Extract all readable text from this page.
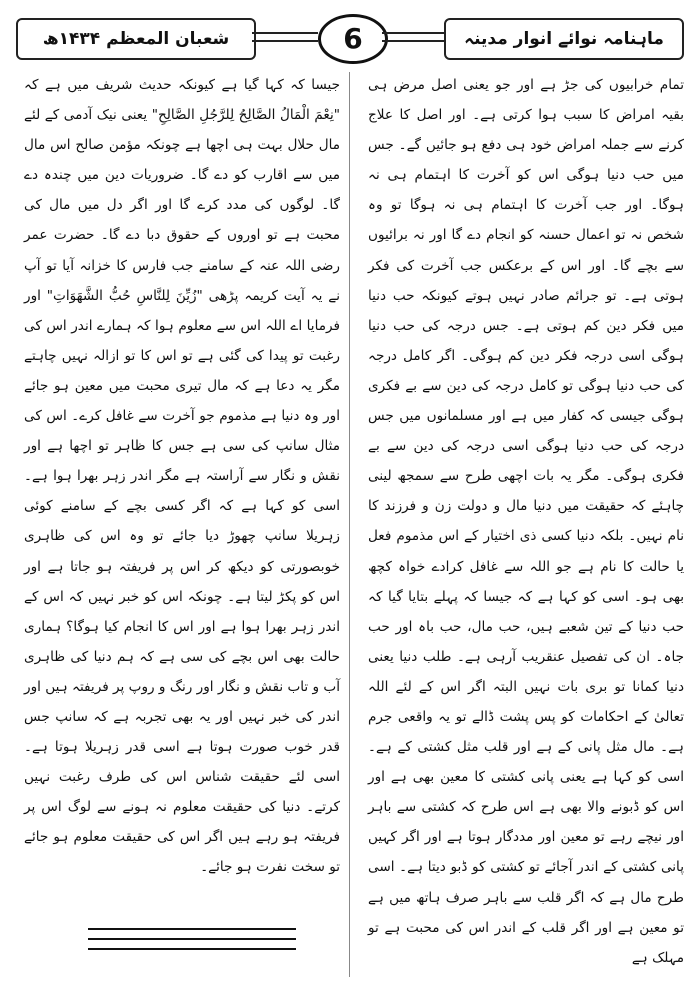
شعبان المعظم ۱۴۳۴ھ	6	ماہنامہ نوائے انوار مدینہ

تمام خرابیوں کی جڑ ہے اور جو یعنی اصل مرض ہی بقیہ امراض کا سبب ہوا کرتی ہے۔ اور اصل کا علاج کرنے سے جملہ امراض خود ہی دفع ہو جائیں گے۔ جس میں حب دنیا ہوگی اس کو آخرت کا اہتمام ہی نہ ہوگا۔ اور جب آخرت کا اہتمام ہی نہ ہوگا تو وہ شخص نہ تو اعمال حسنہ کو انجام دے گا اور نہ برائیوں سے بچے گا۔ اور اس کے برعکس جب آخرت کی فکر ہوتی ہے۔ تو جرائم صادر نہیں ہوتے کیونکہ حب دنیا میں فکر دین کم ہوتی ہے۔ جس درجہ کی حب دنیا ہوگی اسی درجہ فکر دین کم ہوگی۔ اگر کامل درجہ کی حب دنیا ہوگی تو کامل درجہ کی دین سے بے فکری ہوگی جیسی کہ کفار میں ہے اور مسلمانوں میں جس درجہ کی حب دنیا ہوگی اسی درجہ کی دین سے بے فکری ہوگی۔ مگر یہ بات اچھی طرح سے سمجھ لینی چاہئے کہ حقیقت میں دنیا مال و دولت زن و فرزند کا نام نہیں۔ بلکہ دنیا کسی ذی اختیار کے اس مذموم فعل یا حالت کا نام ہے جو اللہ سے غافل کرادے خواہ کچھ بھی ہو۔ اسی کو کہا ہے کہ جیسا کہ پہلے بتایا گیا کہ حب دنیا کے تین شعبے ہیں، حب مال، حب باہ اور حب جاہ۔ ان کی تفصیل عنقریب آرہی ہے۔ طلب دنیا یعنی دنیا کمانا تو بری بات نہیں البتہ اگر اس کے لئے اللہ تعالیٰ کے احکامات کو پس پشت ڈالے تو یہ واقعی جرم ہے۔ مال مثل پانی کے ہے اور قلب مثل کشتی کے ہے۔ اسی کو کہا ہے یعنی پانی کشتی کا معین بھی ہے اور اس کو ڈبونے والا بھی ہے اس طرح کہ کشتی سے باہر اور نیچے رہے تو معین اور مددگار ہوتا ہے اور اگر کہیں پانی کشتی کے اندر آجائے تو کشتی کو ڈبو دیتا ہے۔ اسی طرح مال ہے کہ اگر قلب سے باہر صرف ہاتھ میں ہے تو معین ہے اور اگر قلب کے اندر اس کی محبت ہے تو مہلک ہے

جیسا کہ کہا گیا ہے کیونکہ حدیث شریف میں ہے کہ "نِعْمَ الْمَالُ الصَّالِحُ لِلرَّجُلِ الصَّالِحِ" یعنی نیک آدمی کے لئے مال حلال بہت ہی اچھا ہے چونکہ مؤمن صالح اس مال میں سے اقارب کو دے گا۔ ضروریات دین میں چندہ دے گا۔ لوگوں کی مدد کرے گا اور اگر دل میں مال کی محبت ہے تو اوروں کے حقوق دبا دے گا۔ حضرت عمر رضی اللہ عنہ کے سامنے جب فارس کا خزانہ آیا تو آپ نے یہ آیت کریمہ پڑھی "زُيِّنَ لِلنَّاسِ حُبُّ الشَّهَوَاتِ" اور فرمایا اے اللہ اس سے معلوم ہوا کہ ہمارے اندر اس کی رغبت تو پیدا کی گئی ہے تو اس کا تو ازالہ نہیں چاہتے مگر یہ دعا ہے کہ مال تیری محبت میں معین ہو جائے اور وہ دنیا ہے مذموم جو آخرت سے غافل کرے۔ اس کی مثال سانپ کی سی ہے جس کا ظاہر تو اچھا ہے اور نقش و نگار سے آراستہ ہے مگر اندر زہر بھرا ہوا ہے۔ اسی کو کہا ہے کہ اگر کسی بچے کے سامنے کوئی زہریلا سانپ چھوڑ دیا جائے تو وہ اس کی ظاہری خوبصورتی کو دیکھ کر اس پر فریفتہ ہو جاتا ہے اور اس کو پکڑ لیتا ہے۔ چونکہ اس کو خبر نہیں کہ اس کے اندر زہر بھرا ہوا ہے اور اس کا انجام کیا ہوگا؟ ہماری حالت بھی اس بچے کی سی ہے کہ ہم دنیا کی ظاہری آب و تاب نقش و نگار اور رنگ و روپ پر فریفتہ ہیں اور اندر کی خبر نہیں اور یہ بھی تجربہ ہے کہ سانپ جس قدر خوب صورت ہوتا ہے اسی قدر زہریلا ہوتا ہے۔ اسی لئے حقیقت شناس اس کی طرف رغبت نہیں کرتے۔ دنیا کی حقیقت معلوم نہ ہونے سے لوگ اس پر فریفتہ ہو رہے ہیں اگر اس کی حقیقت معلوم ہو جائے تو سخت نفرت ہو جائے۔
